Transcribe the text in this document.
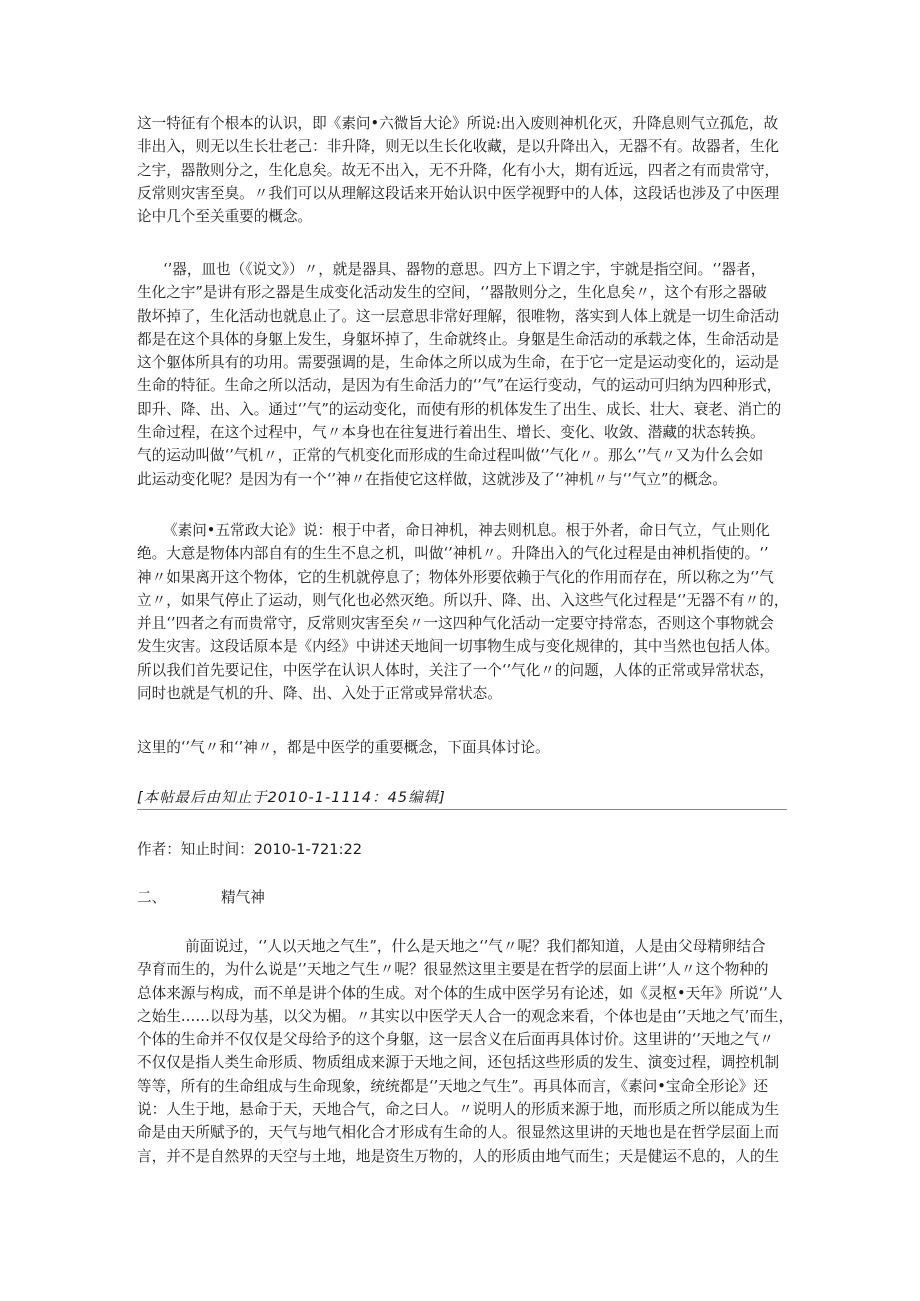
这一特征有个根本的认识，即《素问•六微旨大论》所说:出入废则神机化灭，升降息则气立孤危，故
非出入，则无以生长壮老己：非升降，则无以生长化收藏，是以升降出入，无器不有。故器者，生化
之宇，器散则分之，生化息矣。故无不出入，无不升降，化有小大，期有近远，四者之有而贵常守，
反常则灾害至臭。〃我们可以从理解这段话来开始认识中医学视野中的人体，这段话也涉及了中医理
论中几个至关重要的概念。
‘’器，皿也（《说文》）〃，就是器具、器物的意思。四方上下谓之宇，宇就是指空间。‘’器者，
生化之宇”是讲有形之器是生成变化活动发生的空间，‘’器散则分之，生化息矣〃，这个有形之器破
散坏掉了，生化活动也就息止了。这一层意思非常好理解，很唯物，落实到人体上就是一切生命活动
都是在这个具体的身躯上发生，身躯坏掉了，生命就终止。身躯是生命活动的承载之体，生命活动是
这个躯体所具有的功用。需要强调的是，生命体之所以成为生命，在于它一定是运动变化的，运动是
生命的特征。生命之所以活动，是因为有生命活力的‘’气”在运行变动，气的运动可归纳为四种形式，
即升、降、出、入。通过‘’气”的运动变化，而使有形的机体发生了出生、成长、壮大、衰老、消亡的
生命过程，在这个过程中，气〃本身也在往复进行着出生、增长、变化、收敛、潜藏的状态转换。
气的运动叫做‘’气机〃，正常的气机变化而形成的生命过程叫做‘’气化〃。那么‘’气〃又为什么会如
此运动变化呢？是因为有一个‘’神〃在指使它这样做，这就涉及了‘’神机〃与‘’气立”的概念。
《素问•五常政大论》说：根于中者，命日神机，神去则机息。根于外者，命日气立，气止则化
绝。大意是物体内部自有的生生不息之机，叫做‘’神机〃。升降出入的气化过程是由神机指使的。‘’
神〃如果离开这个物体，它的生机就停息了；物体外形要依赖于气化的作用而存在，所以称之为‘’气
立〃，如果气停止了运动，则气化也必然灭绝。所以升、降、出、入这些气化过程是‘’无器不有〃的，
并且‘’四者之有而贵常守，反常则灾害至矣〃一这四种气化活动一定要守持常态，否则这个事物就会
发生灾害。这段话原本是《内经》中讲述天地间一切事物生成与变化规律的，其中当然也包括人体。
所以我们首先要记住，中医学在认识人体时，关注了一个‘’气化〃的问题，人体的正常或异常状态，
同时也就是气机的升、降、出、入处于正常或异常状态。
这里的‘’气〃和‘’神〃，都是中医学的重要概念，下面具体讨论。
[本帖最后由知止于2010-1-1114：45编辑]
作者：知止时间：2010-1-721:22
二、	精气神
前面说过，‘’人以天地之气生”，什么是天地之‘’气〃呢？我们都知道，人是由父母精卵结合
孕育而生的，为什么说是‘’天地之气生〃呢？很显然这里主要是在哲学的层面上讲‘’人〃这个物种的
总体来源与构成，而不单是讲个体的生成。对个体的生成中医学另有论述，如《灵枢•天年》所说‘’人
之始生……以母为基，以父为楣。〃其实以中医学天人合一的观念来看，个体也是由‘’天地之气’而生，
个体的生命并不仅仅是父母给予的这个身躯，这一层含义在后面再具体讨价。这里讲的‘’天地之气〃
不仅仅是指人类生命形质、物质组成来源于天地之间，还包括这些形质的发生、演变过程，调控机制
等等，所有的生命组成与生命现象，统统都是‘’天地之气生”。再具体而言，《素问•宝命全形论》还
说：人生于地，悬命于天，天地合气，命之曰人。〃说明人的形质来源于地，而形质之所以能成为生
命是由天所赋予的，天气与地气相化合才形成有生命的人。很显然这里讲的天地也是在哲学层面上而
言，并不是自然界的天空与土地，地是资生万物的，人的形质由地气而生；天是健运不息的，人的生
